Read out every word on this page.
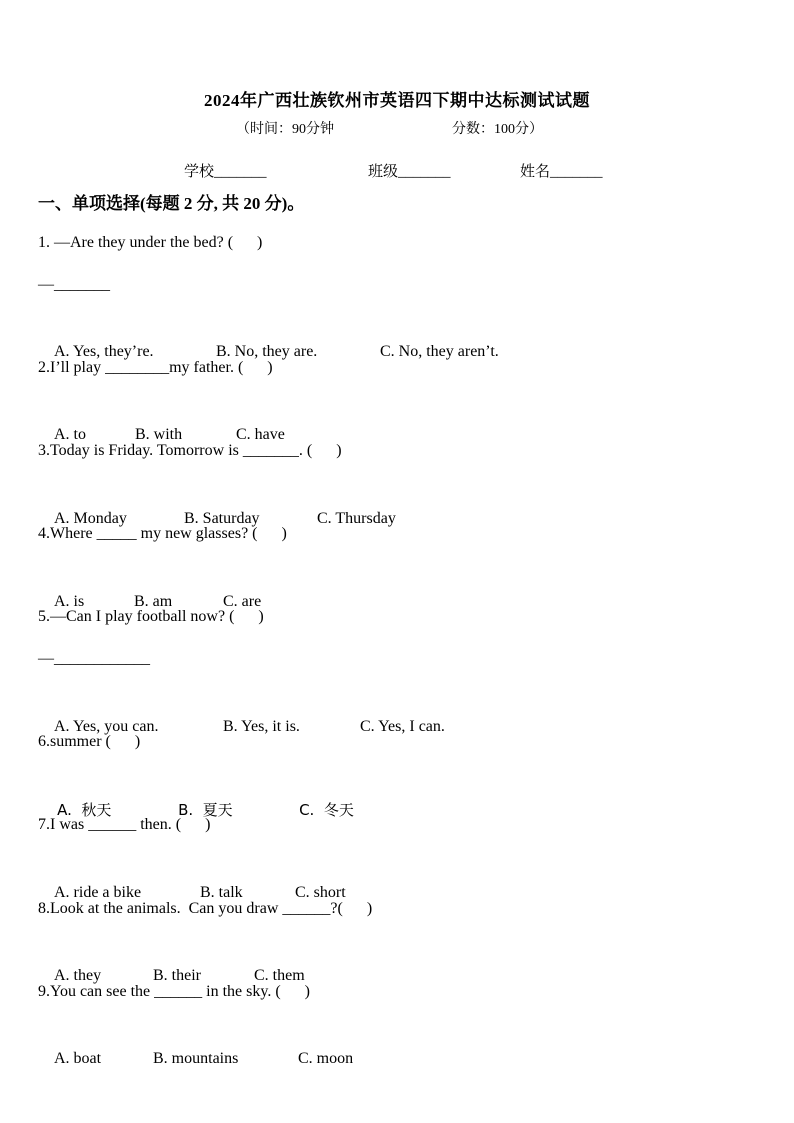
2024年广西壮族钦州市英语四下期中达标测试试题
（时间：90分钟	分数：100分）
学校_______	班级_______	姓名_______
一、单项选择(每题 2 分, 共 20 分)。
1. —Are they under the bed? (      )
—_______

A. Yes, they’re.	B. No, they are.	C. No, they aren’t.

2.I’ll play ________my father. (      )

A. to	B. with	C. have

3.Today is Friday. Tomorrow is _______. (      )

A. Monday	B. Saturday	C. Thursday

4.Where _____ my new glasses? (      )

A. is	B. am	C. are

5.—Can I play football now? (      )
—____________

A. Yes, you can.	B. Yes, it is.	C. Yes, I can.

6.summer (      )

A.  秋天	B.  夏天	C.  冬天

7.I was ______ then. (      )

A. ride a bike	B. talk	C. short

8.Look at the animals.  Can you draw ______?(      )

A. they	B. their	C. them

9.You can see the ______ in the sky. (      )

A. boat	B. mountains	C. moon
